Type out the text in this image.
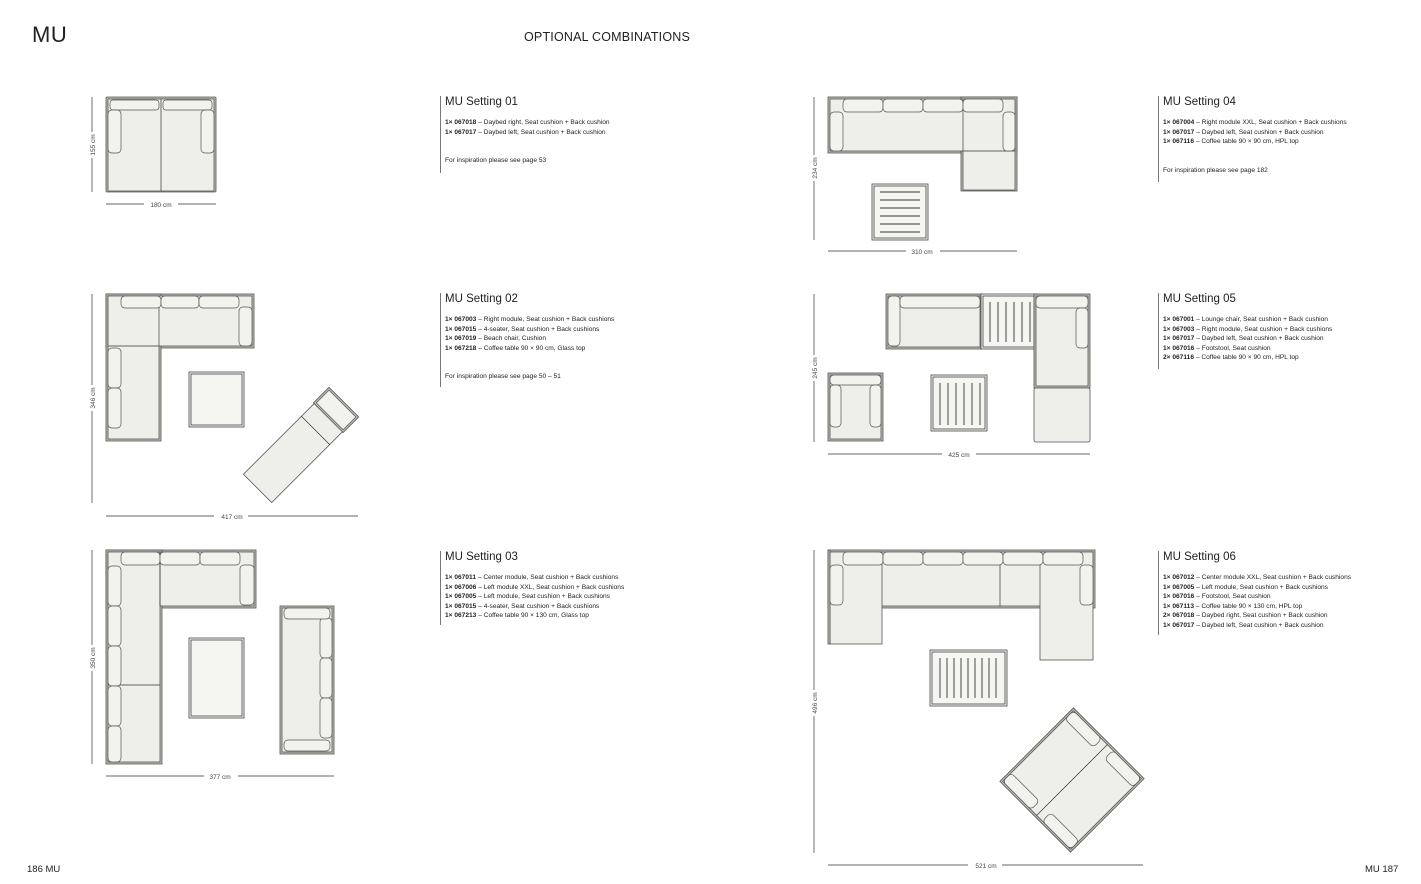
MU	OPTIONAL COMBINATIONS
186 MU	MU 187
180 cm
155 cm
417 cm
346 cm
377 cm
350 cm
310 cm
234 cm
425 cm
245 cm
521 cm
496 cm
MU Setting 01
1× 067018 – Daybed right, Seat cushion + Back cushion
1× 067017 – Daybed left, Seat cushion + Back cushion
For inspiration please see page 53
MU Setting 02
1× 067003 – Right module, Seat cushion + Back cushions
1× 067015 – 4-seater, Seat cushion + Back cushions
1× 067019 – Beach chair, Cushion
1× 067218 – Coffee table 90 × 90 cm, Glass top
For inspiration please see page 50 – 51
MU Setting 03
1× 067011 – Center module, Seat cushion + Back cushions
1× 067006 – Left module XXL, Seat cushion + Back cushions
1× 067005 – Left module, Seat cushion + Back cushions
1× 067015 – 4-seater, Seat cushion + Back cushions
1× 067213 – Coffee table 90 × 130 cm, Glass top
MU Setting 04
1× 067004 – Right module XXL, Seat cushion + Back cushions
1× 067017 – Daybed left, Seat cushion + Back cushion
1× 067116 – Coffee table 90 × 90 cm, HPL top
For inspiration please see page 182
MU Setting 05
1× 067001 – Lounge chair, Seat cushion + Back cushion
1× 067003 – Right module, Seat cushion + Back cushions
1× 067017 – Daybed left, Seat cushion + Back cushion
1× 067016 – Footstool, Seat cushion
2× 067116 – Coffee table 90 × 90 cm, HPL top
MU Setting 06
1× 067012 – Center module XXL, Seat cushion + Back cushions
1× 067005 – Left module, Seat cushion + Back cushions
1× 067016 – Footstool, Seat cushion
1× 067113 – Coffee table 90 × 130 cm, HPL top
2× 067018 – Daybed right, Seat cushion + Back cushion
1× 067017 – Daybed left, Seat cushion + Back cushion
